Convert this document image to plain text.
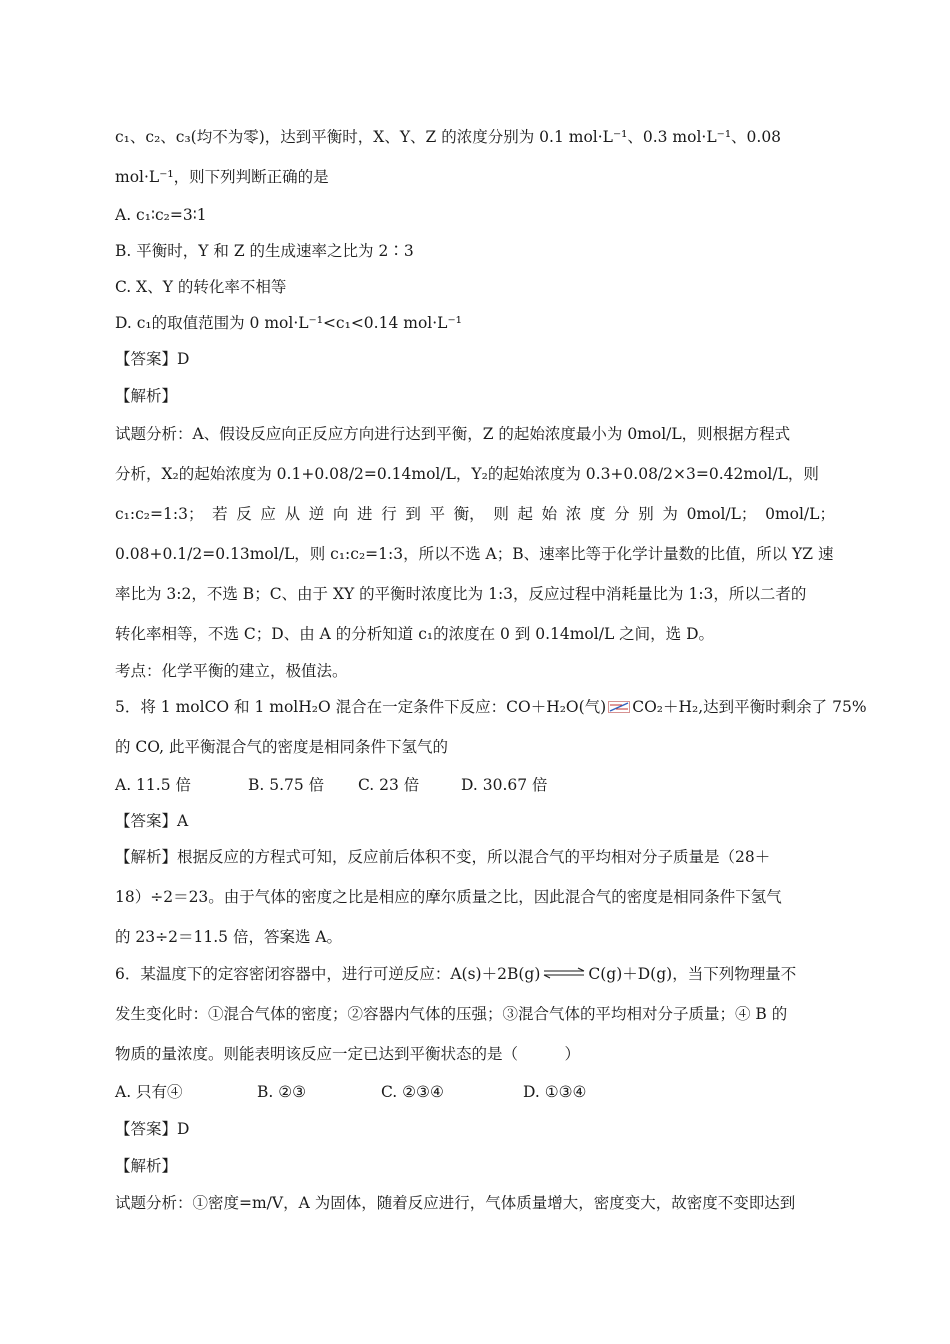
c₁、c₂、c₃(均不为零)，达到平衡时，X、Y、Z 的浓度分别为 0.1 mol·L⁻¹、0.3 mol·L⁻¹、0.08
mol·L⁻¹，则下列判断正确的是
A. c₁∶c₂=3∶1
B. 平衡时，Y 和 Z 的生成速率之比为 2∶3
C. X、Y 的转化率不相等
D. c₁的取值范围为 0 mol·L⁻¹<c₁<0.14 mol·L⁻¹
【答案】D
【解析】
试题分析：A、假设反应向正反应方向进行达到平衡，Z 的起始浓度最小为 0mol/L，则根据方程式
分析，X₂的起始浓度为 0.1+0.08/2=0.14mol/L，Y₂的起始浓度为 0.3+0.08/2×3=0.42mol/L，则
c₁:c₂=1:3； 若 反 应 从 逆 向 进 行 到 平 衡， 则 起 始 浓 度 分 别 为 0mol/L； 0mol/L；
0.08+0.1/2=0.13mol/L，则 c₁:c₂=1:3，所以不选 A；B、速率比等于化学计量数的比值，所以 YZ 速
率比为 3:2，不选 B；C、由于 XY 的平衡时浓度比为 1:3，反应过程中消耗量比为 1:3，所以二者的
转化率相等，不选 C；D、由 A 的分析知道 c₁的浓度在 0 到 0.14mol/L 之间，选 D。
考点：化学平衡的建立，极值法。
5．将 1 molCO 和 1 molH₂O 混合在一定条件下反应：CO＋H₂O(气) CO₂＋H₂,达到平衡时剩余了 75%
的 CO, 此平衡混合气的密度是相同条件下氢气的
A. 11.5 倍	B. 5.75 倍 C. 23 倍	D. 30.67 倍
【答案】A
【解析】根据反应的方程式可知，反应前后体积不变，所以混合气的平均相对分子质量是（28＋
18）÷2＝23。由于气体的密度之比是相应的摩尔质量之比，因此混合气的密度是相同条件下氢气
的 23÷2＝11.5 倍，答案选 A。
6．某温度下的定容密闭容器中，进行可逆反应：A(s)＋2B(g) ⇌ C(g)＋D(g)，当下列物理量不
发生变化时：①混合气体的密度；②容器内气体的压强；③混合气体的平均相对分子质量；④ B 的
物质的量浓度。则能表明该反应一定已达到平衡状态的是（　　　）
A. 只有④	B. ②③	C. ②③④	D. ①③④
【答案】D
【解析】
试题分析：①密度=m/V，A 为固体，随着反应进行，气体质量增大，密度变大，故密度不变即达到
